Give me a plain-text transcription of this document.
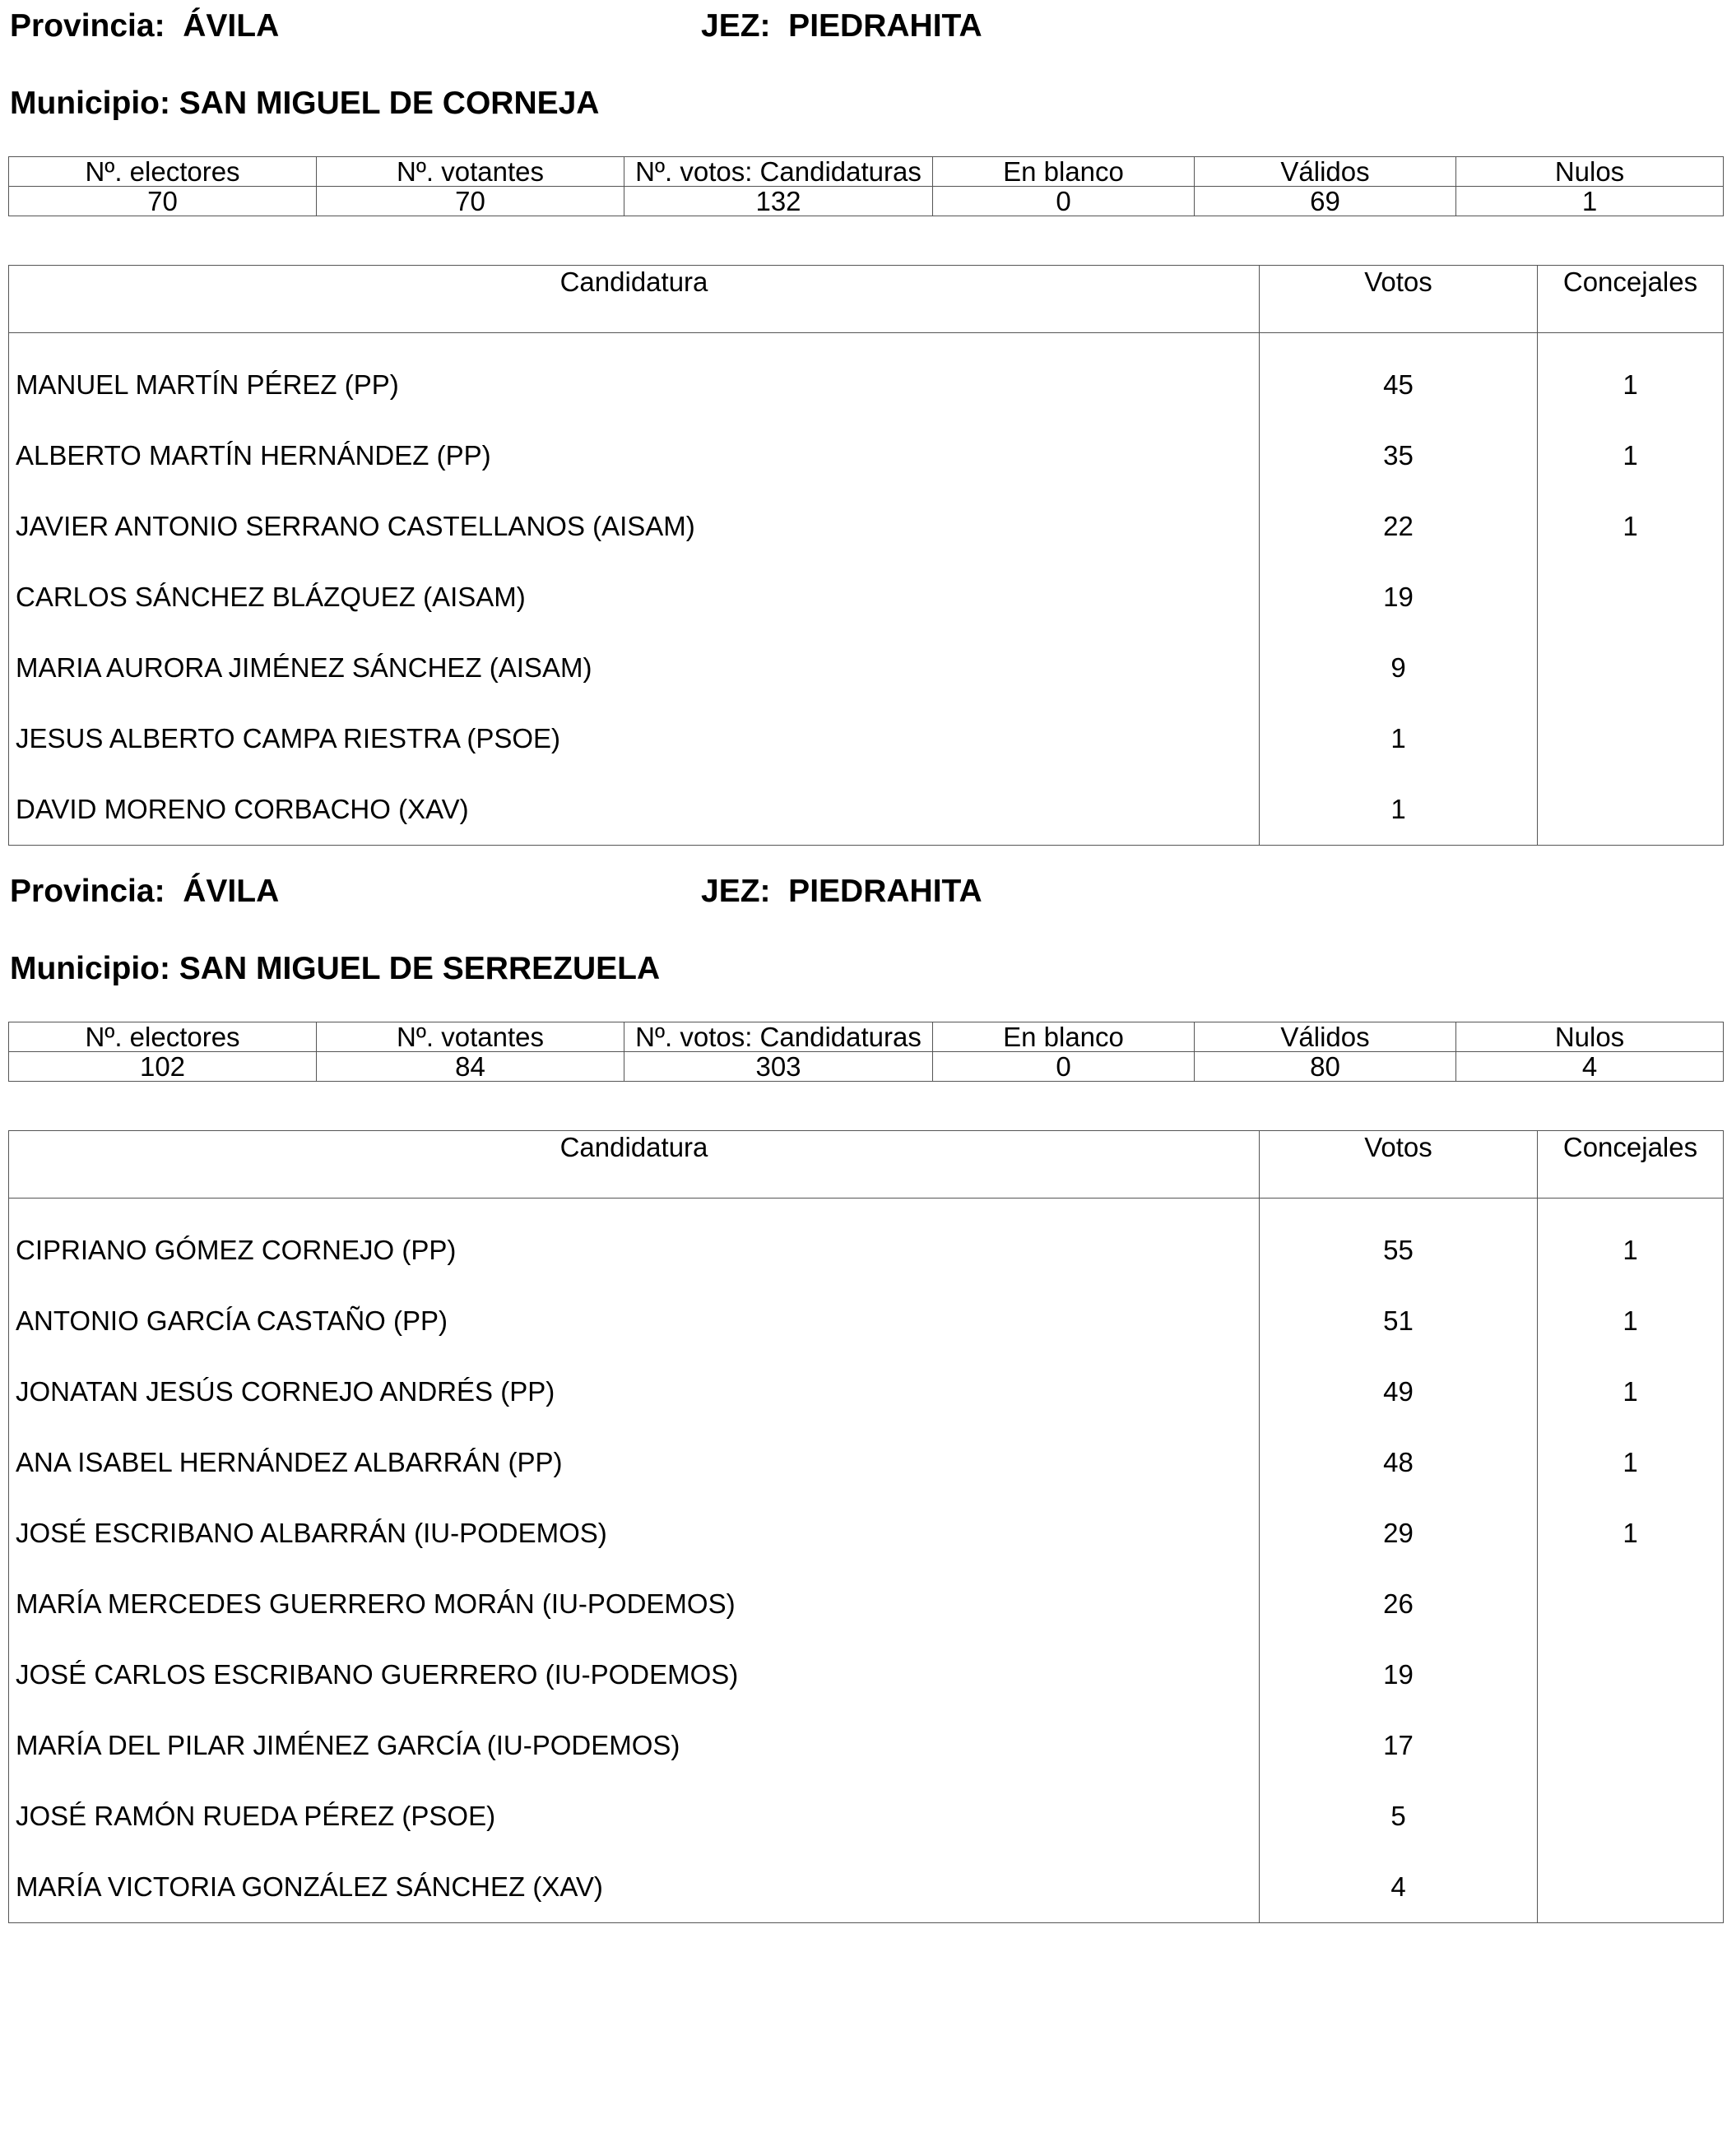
Provincia:  ÁVILA	JEZ:  PIEDRAHITA
Municipio: SAN MIGUEL DE CORNEJA
Nº. electores	Nº. votantes	Nº. votos: Candidaturas	En blanco	Válidos	Nulos
70	70	132	0	69	1
Candidatura	Votos	Concejales
MANUEL MARTÍN PÉREZ (PP)	45	1
ALBERTO MARTÍN HERNÁNDEZ (PP)	35	1
JAVIER ANTONIO SERRANO CASTELLANOS (AISAM)	22	1
CARLOS SÁNCHEZ BLÁZQUEZ (AISAM)	19	
MARIA AURORA JIMÉNEZ SÁNCHEZ (AISAM)	9	
JESUS ALBERTO CAMPA RIESTRA (PSOE)	1	
DAVID MORENO CORBACHO (XAV)	1	
Provincia:  ÁVILA	JEZ:  PIEDRAHITA
Municipio: SAN MIGUEL DE SERREZUELA
Nº. electores	Nº. votantes	Nº. votos: Candidaturas	En blanco	Válidos	Nulos
102	84	303	0	80	4
Candidatura	Votos	Concejales
CIPRIANO GÓMEZ CORNEJO (PP)	55	1
ANTONIO GARCÍA CASTAÑO (PP)	51	1
JONATAN JESÚS CORNEJO ANDRÉS (PP)	49	1
ANA ISABEL HERNÁNDEZ ALBARRÁN (PP)	48	1
JOSÉ ESCRIBANO ALBARRÁN (IU-PODEMOS)	29	1
MARÍA MERCEDES GUERRERO MORÁN (IU-PODEMOS)	26	
JOSÉ CARLOS ESCRIBANO GUERRERO (IU-PODEMOS)	19	
MARÍA DEL PILAR JIMÉNEZ GARCÍA (IU-PODEMOS)	17	
JOSÉ RAMÓN RUEDA PÉREZ (PSOE)	5	
MARÍA VICTORIA GONZÁLEZ SÁNCHEZ (XAV)	4	
